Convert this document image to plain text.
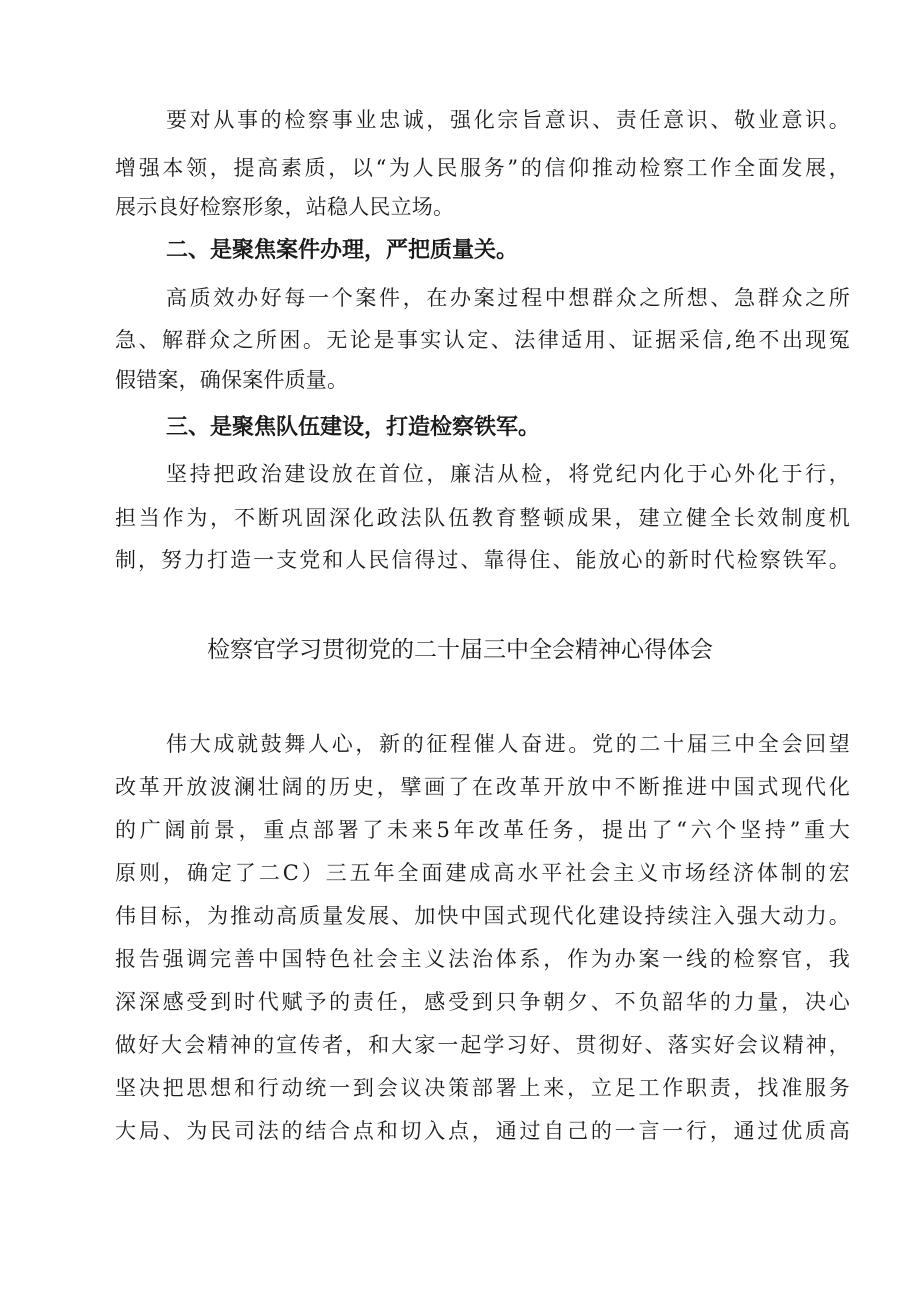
要对从事的检察事业忠诚，强化宗旨意识、责任意识、敬业意识。
增强本领，提高素质，以“为人民服务”的信仰推动检察工作全面发展，
展示良好检察形象，站稳人民立场。
二、是聚焦案件办理，严把质量关。
高质效办好每一个案件，在办案过程中想群众之所想、急群众之所
急、解群众之所困。无论是事实认定、法律适用、证据采信,绝不出现冤
假错案，确保案件质量。
三、是聚焦队伍建设，打造检察铁军。
坚持把政治建设放在首位，廉洁从检，将党纪内化于心外化于行，
担当作为，不断巩固深化政法队伍教育整顿成果，建立健全长效制度机
制，努力打造一支党和人民信得过、靠得住、能放心的新时代检察铁军。
检察官学习贯彻党的二十届三中全会精神心得体会
伟大成就鼓舞人心，新的征程催人奋进。党的二十届三中全会回望
改革开放波澜壮阔的历史，擘画了在改革开放中不断推进中国式现代化
的广阔前景，重点部署了未来5年改革任务，提出了“六个坚持”重大
原则，确定了二C）三五年全面建成高水平社会主义市场经济体制的宏
伟目标，为推动高质量发展、加快中国式现代化建设持续注入强大动力。
报告强调完善中国特色社会主义法治体系，作为办案一线的检察官，我
深深感受到时代赋予的责任，感受到只争朝夕、不负韶华的力量，决心
做好大会精神的宣传者，和大家一起学习好、贯彻好、落实好会议精神，
坚决把思想和行动统一到会议决策部署上来，立足工作职责，找准服务
大局、为民司法的结合点和切入点，通过自己的一言一行，通过优质高
